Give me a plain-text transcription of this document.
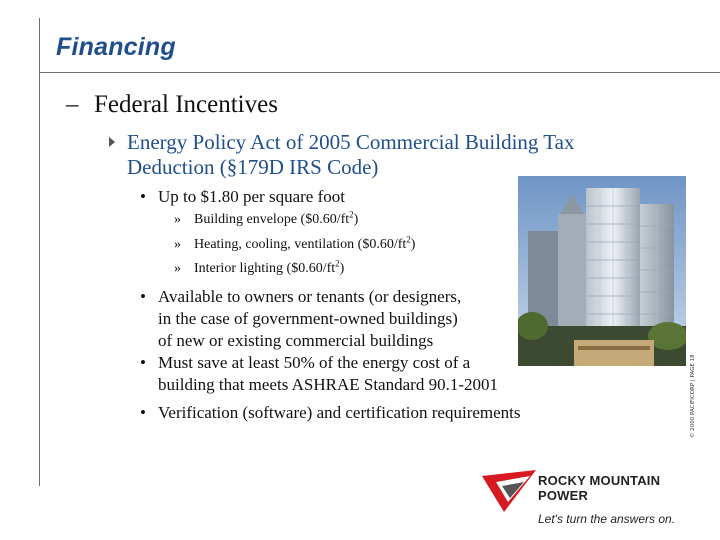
Financing
– Federal Incentives
Energy Policy Act of 2005 Commercial Building Tax
Deduction (§179D IRS Code)
• Up to $1.80 per square foot
» Building envelope $(\$0.60/ft^2)$
» Heating, cooling, ventilation $(\$0.60/ft^2)$
» Interior lighting $(\$0.60/ft^2)$
• Available to owners or tenants (or designers,
in the case of government-owned buildings)
of new or existing commercial buildings
• Must save at least 50% of the energy cost of a
building that meets ASHRAE Standard 90.1-2001
• Verification (software) and certification requirements	© 2000 PACIFICORP | PAGE 18
ROCKY MOUNTAIN
POWER
Let's turn the answers on.
